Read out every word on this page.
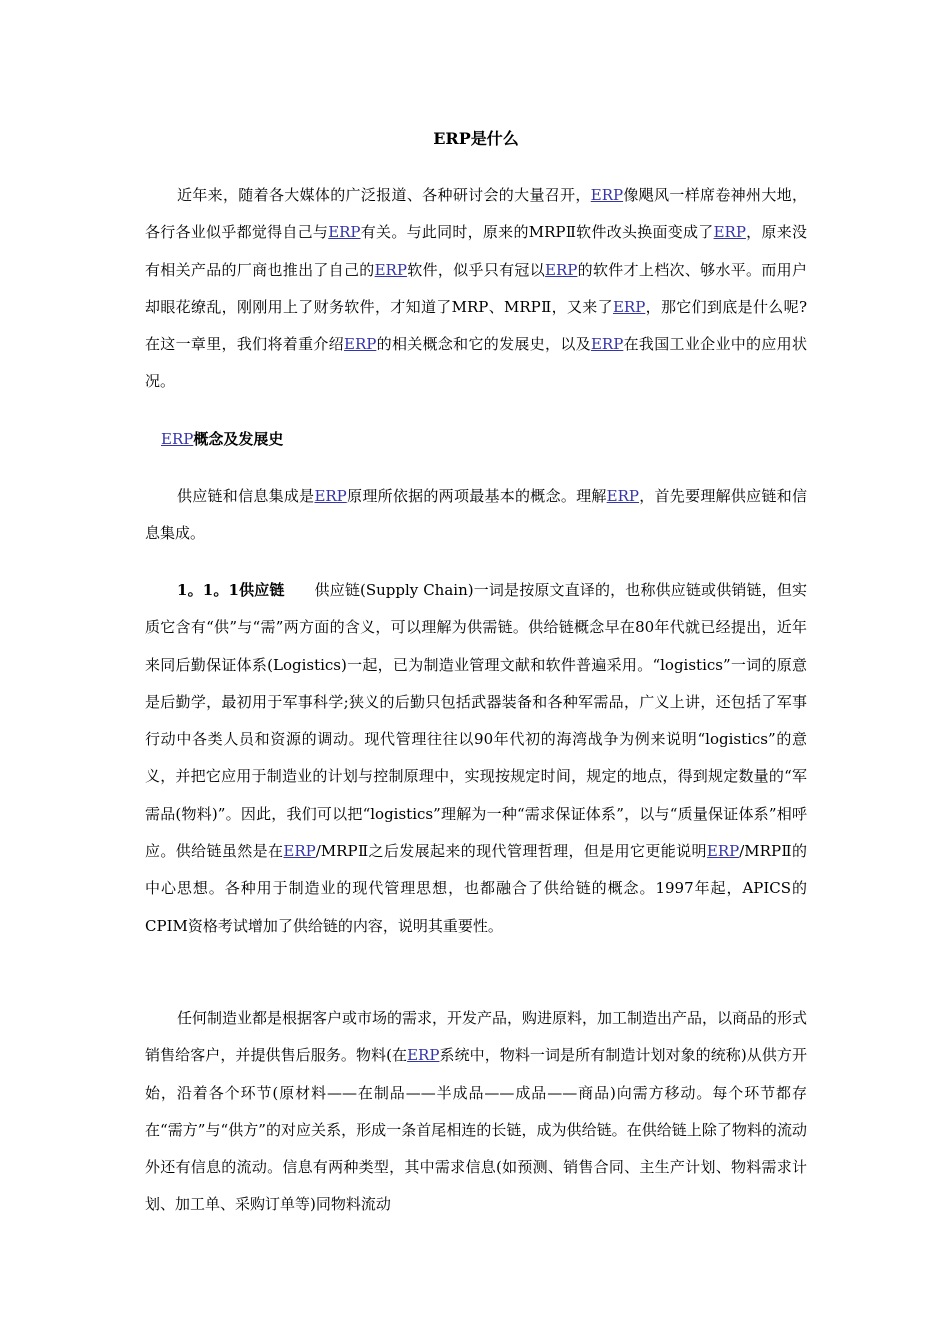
ERP是什么

近年来，随着各大媒体的广泛报道、各种研讨会的大量召开，ERP像飓风一样席卷神州大地，各行各业似乎都觉得自己与ERP有关。与此同时，原来的MRPⅡ软件改头换面变成了ERP，原来没有相关产品的厂商也推出了自己的ERP软件，似乎只有冠以ERP的软件才上档次、够水平。而用户却眼花缭乱，刚刚用上了财务软件，才知道了MRP、MRPⅡ，又来了ERP，那它们到底是什么呢?在这一章里，我们将着重介绍ERP的相关概念和它的发展史，以及ERP在我国工业企业中的应用状况。

ERP概念及发展史

供应链和信息集成是ERP原理所依据的两项最基本的概念。理解ERP，首先要理解供应链和信息集成。

1。1。1供应链 供应链(Supply Chain)一词是按原文直译的，也称供应链或供销链，但实质它含有“供”与“需”两方面的含义，可以理解为供需链。供给链概念早在80年代就已经提出，近年来同后勤保证体系(Logistics)一起，已为制造业管理文献和软件普遍采用。“logistics”一词的原意是后勤学，最初用于军事科学;狭义的后勤只包括武器装备和各种军需品，广义上讲，还包括了军事行动中各类人员和资源的调动。现代管理往往以90年代初的海湾战争为例来说明“logistics”的意义，并把它应用于制造业的计划与控制原理中，实现按规定时间，规定的地点，得到规定数量的“军需品(物料)”。因此，我们可以把“logistics”理解为一种“需求保证体系”，以与“质量保证体系”相呼应。供给链虽然是在ERP/MRPⅡ之后发展起来的现代管理哲理，但是用它更能说明ERP/MRPⅡ的中心思想。各种用于制造业的现代管理思想，也都融合了供给链的概念。1997年起，APICS的CPIM资格考试增加了供给链的内容，说明其重要性。

任何制造业都是根据客户或市场的需求，开发产品，购进原料，加工制造出产品，以商品的形式销售给客户，并提供售后服务。物料(在ERP系统中，物料一词是所有制造计划对象的统称)从供方开始，沿着各个环节(原材料——在制品——半成品——成品——商品)向需方移动。每个环节都存在“需方”与“供方”的对应关系，形成一条首尾相连的长链，成为供给链。在供给链上除了物料的流动外还有信息的流动。信息有两种类型，其中需求信息(如预测、销售合同、主生产计划、物料需求计划、加工单、采购订单等)同物料流动
